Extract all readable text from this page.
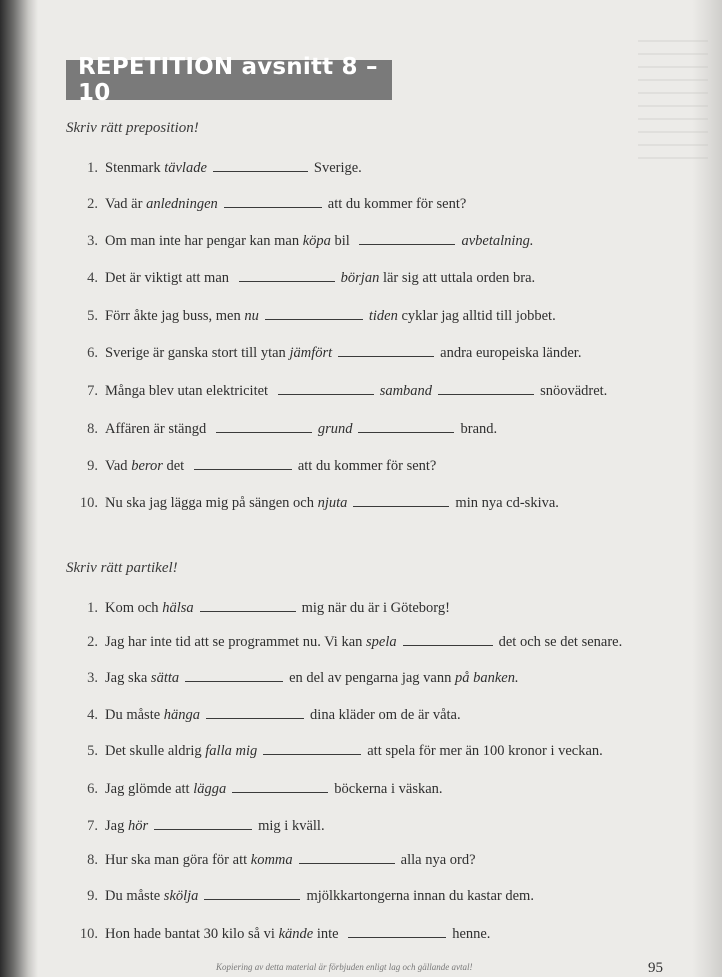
REPETITION avsnitt 8 – 10
Skriv rätt preposition!
1. Stenmark tävlade	Sverige.
2. Vad är anledningen	att du kommer för sent?
3. Om man inte har pengar kan man köpa bil	avbetalning.
4. Det är viktigt att man	början lär sig att uttala orden bra.
5. Förr åkte jag buss, men nu	tiden cyklar jag alltid till jobbet.
6. Sverige är ganska stort till ytan jämfört	andra europeiska länder.
7. Många blev utan elektricitet	samband	snöovädret.
8. Affären är stängd	grund	brand.
9. Vad beror det	att du kommer för sent?
10. Nu ska jag lägga mig på sängen och njuta	min nya cd-skiva.
Skriv rätt partikel!
1. Kom och hälsa	mig när du är i Göteborg!
2. Jag har inte tid att se programmet nu. Vi kan spela	det och se det senare.
3. Jag ska sätta	en del av pengarna jag vann på banken.
4. Du måste hänga	dina kläder om de är våta.
5. Det skulle aldrig falla mig	att spela för mer än 100 kronor i veckan.
6. Jag glömde att lägga	böckerna i väskan.
7. Jag hör	mig i kväll.
8. Hur ska man göra för att komma	alla nya ord?
9. Du måste skölja	mjölkkartongerna innan du kastar dem.
10. Hon hade bantat 30 kilo så vi kände inte	henne.
Kopiering av detta material är förbjuden enligt lag och gällande avtal!	95
